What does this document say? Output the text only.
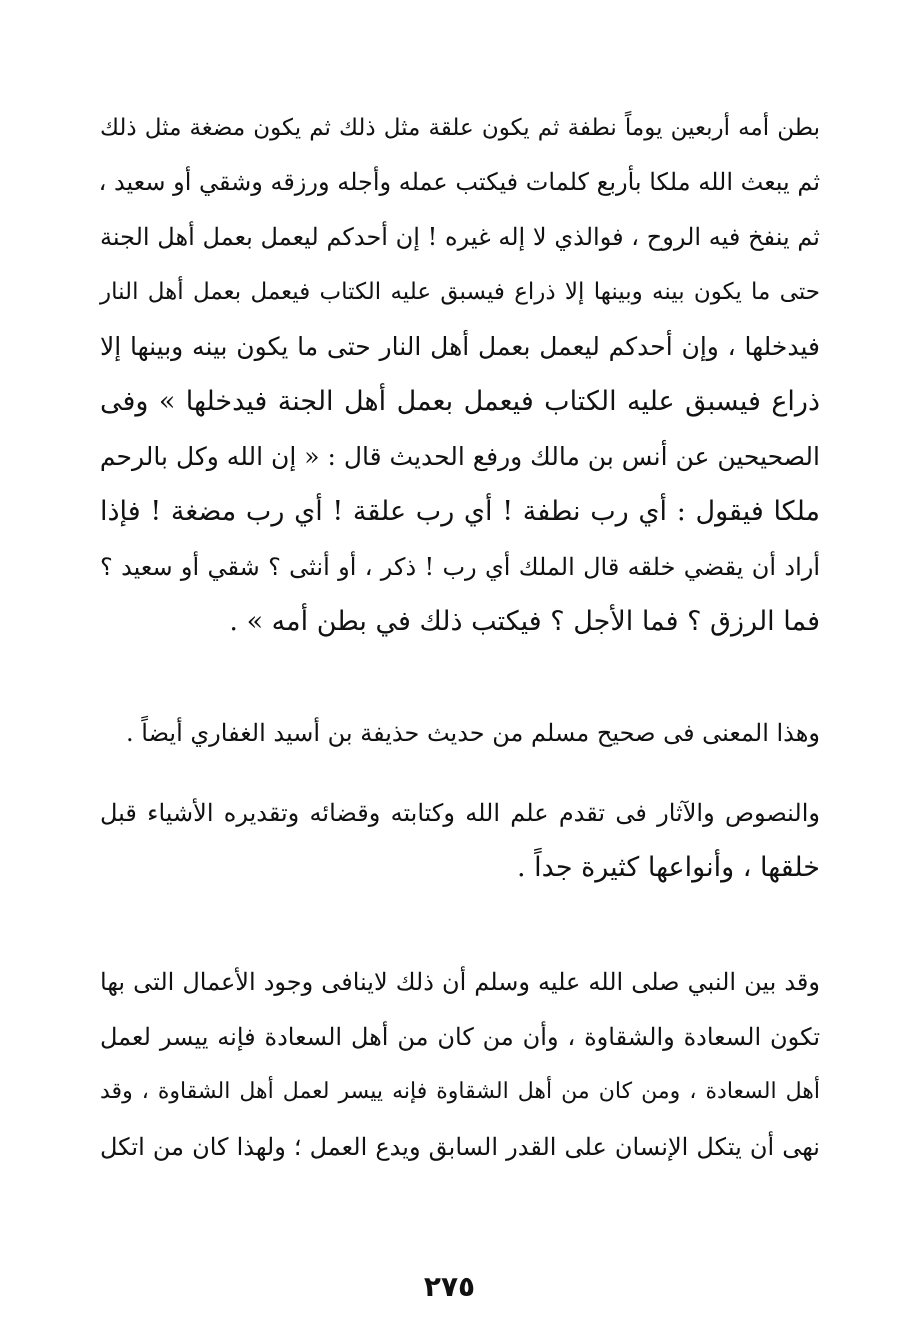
بطن أمه أربعين يوماً نطفة ثم يكون علقة مثل ذلك ثم يكون مضغة مثل ذلك
ثم يبعث الله ملكا بأربع كلمات فيكتب عمله وأجله ورزقه وشقي أو سعيد ،
ثم ينفخ فيه الروح ، فوالذي لا إله غيره ! إن أحدكم ليعمل بعمل أهل الجنة
حتى ما يكون بينه وبينها إلا ذراع فيسبق عليه الكتاب فيعمل بعمل أهل النار
فيدخلها ، وإن أحدكم ليعمل بعمل أهل النار حتى ما يكون بينه وبينها إلا
ذراع فيسبق عليه الكتاب فيعمل بعمل أهل الجنة فيدخلها » وفى
الصحيحين عن أنس بن مالك ورفع الحديث قال : « إن الله وكل بالرحم
ملكا فيقول : أي رب نطفة ! أي رب علقة ! أي رب مضغة ! فإذا
أراد أن يقضي خلقه قال الملك أي رب ! ذكر ، أو أنثى ؟ شقي أو سعيد ؟
فما الرزق ؟ فما الأجل ؟ فيكتب ذلك في بطن أمه » .
وهذا المعنى فى صحيح مسلم من حديث حذيفة بن أسيد الغفاري أيضاً .
والنصوص والآثار فى تقدم علم الله وكتابته وقضائه وتقديره الأشياء قبل
خلقها ، وأنواعها كثيرة جداً .
وقد بين النبي صلى الله عليه وسلم أن ذلك لاينافى وجود الأعمال التى بها
تكون السعادة والشقاوة ، وأن من كان من أهل السعادة فإنه ييسر لعمل
أهل السعادة ، ومن كان من أهل الشقاوة فإنه ييسر لعمل أهل الشقاوة ، وقد
نهى أن يتكل الإنسان على القدر السابق ويدع العمل ؛ ولهذا كان من اتكل
٢٧٥
